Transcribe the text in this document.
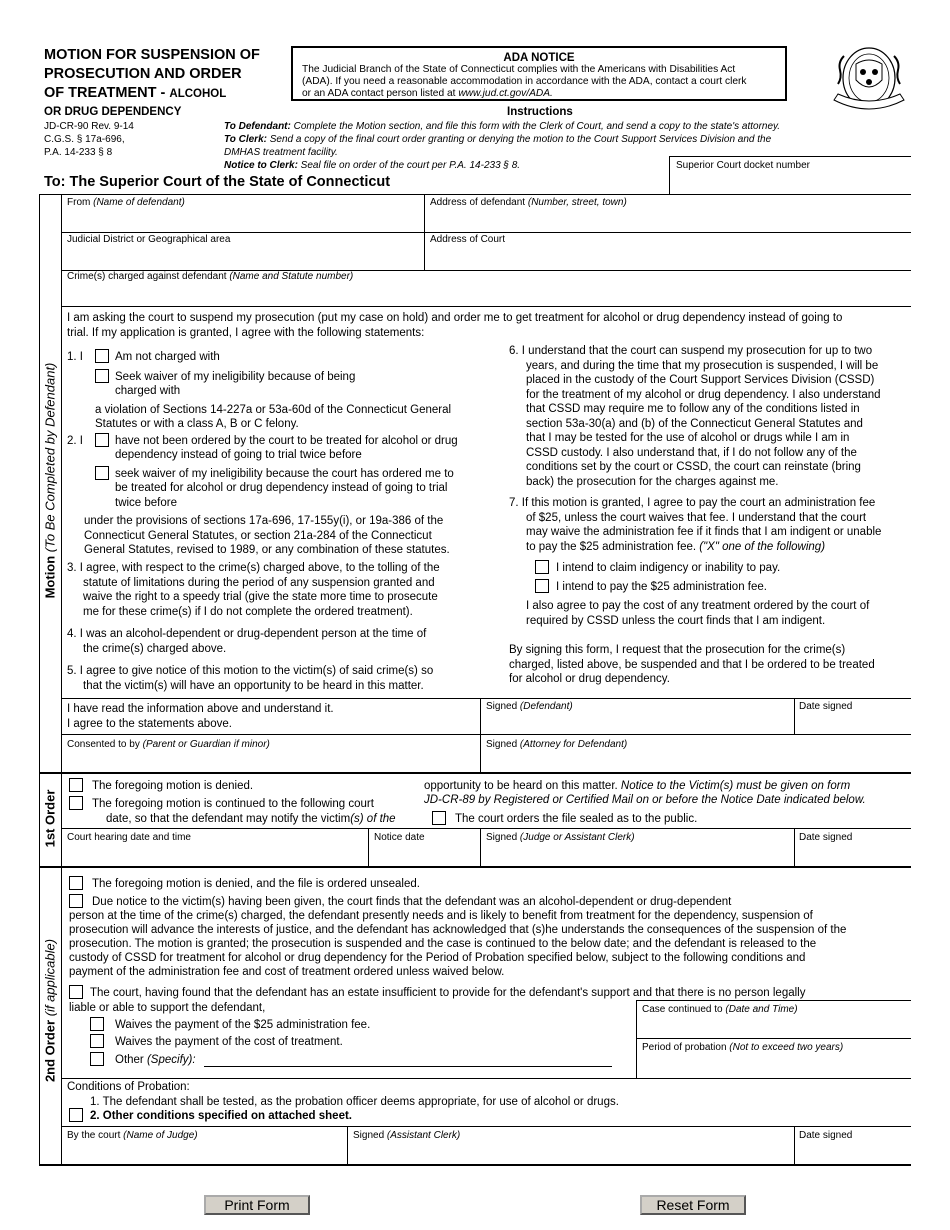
MOTION FOR SUSPENSION OF
PROSECUTION AND ORDER
OF TREATMENT - ALCOHOL
OR DRUG DEPENDENCY
JD-CR-90 Rev. 9-14
C.G.S. § 17a-696,
P.A. 14-233 § 8
ADA NOTICE
The Judicial Branch of the State of Connecticut complies with the Americans with Disabilities Act
(ADA). If you need a reasonable accommodation in accordance with the ADA, contact a court clerk
or an ADA contact person listed at www.jud.ct.gov/ADA.
Instructions
To Defendant: Complete the Motion section, and file this form with the Clerk of Court, and send a copy to the state's attorney.
To Clerk: Send a copy of the final court order granting or denying the motion to the Court Support Services Division and the
DMHAS treatment facility.
Notice to Clerk: Seal file on order of the court per P.A. 14-233 § 8.	Superior Court docket number
To: The Superior Court of the State of Connecticut
From (Name of defendant)	Address of defendant (Number, street, town)
Judicial District or Geographical area	Address of Court
Crime(s) charged against defendant (Name and Statute number)
Motion (To Be Completed by Defendant)
I am asking the court to suspend my prosecution (put my case on hold) and order me to get treatment for alcohol or drug dependency instead of going to
trial. If my application is granted, I agree with the following statements:
1. I	Am not charged with
Seek waiver of my ineligibility because of being
charged with
a violation of Sections 14-227a or 53a-60d of the Connecticut General
Statutes or with a class A, B or C felony.
2. I	have not been ordered by the court to be treated for alcohol or drug
dependency instead of going to trial twice before
seek waiver of my ineligibility because the court has ordered me to
be treated for alcohol or drug dependency instead of going to trial
twice before
under the provisions of sections 17a-696, 17-155y(i), or 19a-386 of the
Connecticut General Statutes, or section 21a-284 of the Connecticut
General Statutes, revised to 1989, or any combination of these statutes.
3. I agree, with respect to the crime(s) charged above, to the tolling of the
statute of limitations during the period of any suspension granted and
waive the right to a speedy trial (give the state more time to prosecute
me for these crime(s) if I do not complete the ordered treatment).
4. I was an alcohol-dependent or drug-dependent person at the time of
the crime(s) charged above.
5. I agree to give notice of this motion to the victim(s) of said crime(s) so
that the victim(s) will have an opportunity to be heard in this matter.
6. I understand that the court can suspend my prosecution for up to two
years, and during the time that my prosecution is suspended, I will be
placed in the custody of the Court Support Services Division (CSSD)
for the treatment of my alcohol or drug dependency. I also understand
that CSSD may require me to follow any of the conditions listed in
section 53a-30(a) and (b) of the Connecticut General Statutes and
that I may be tested for the use of alcohol or drugs while I am in
CSSD custody. I also understand that, if I do not follow any of the
conditions set by the court or CSSD, the court can reinstate (bring
back) the prosecution for the charges against me.
7. If this motion is granted, I agree to pay the court an administration fee
of $25, unless the court waives that fee. I understand that the court
may waive the administration fee if it finds that I am indigent or unable
to pay the $25 administration fee. ("X" one of the following)
I intend to claim indigency or inability to pay.
I intend to pay the $25 administration fee.
I also agree to pay the cost of any treatment ordered by the court of
required by CSSD unless the court finds that I am indigent.
By signing this form, I request that the prosecution for the crime(s)
charged, listed above, be suspended and that I be ordered to be treated
for alcohol or drug dependency.
I have read the information above and understand it.
I agree to the statements above.
Signed (Defendant)	Date signed
Consented to by (Parent or Guardian if minor)	Signed (Attorney for Defendant)
1st Order
The foregoing motion is denied.
The foregoing motion is continued to the following court
date, so that the defendant may notify the victim(s) of the
opportunity to be heard on this matter. Notice to the Victim(s) must be given on form
JD-CR-89 by Registered or Certified Mail on or before the Notice Date indicated below.
The court orders the file sealed as to the public.
Court hearing date and time	Notice date	Signed (Judge or Assistant Clerk)	Date signed
2nd Order (if applicable)
The foregoing motion is denied, and the file is ordered unsealed.
Due notice to the victim(s) having been given, the court finds that the defendant was an alcohol-dependent or drug-dependent
person at the time of the crime(s) charged, the defendant presently needs and is likely to benefit from treatment for the dependency, suspension of
prosecution will advance the interests of justice, and the defendant has acknowledged that (s)he understands the consequences of the suspension of the
prosecution. The motion is granted; the prosecution is suspended and the case is continued to the below date; and the defendant is released to the
custody of CSSD for treatment for alcohol or drug dependency for the Period of Probation specified below, subject to the following conditions and
payment of the administration fee and cost of treatment ordered unless waived below.
The court, having found that the defendant has an estate insufficient to provide for the defendant's support and that there is no person legally
liable or able to support the defendant,
Waives the payment of the $25 administration fee.
Waives the payment of the cost of treatment.
Other (Specify):
Case continued to (Date and Time)
Period of probation (Not to exceed two years)
Conditions of Probation:
1. The defendant shall be tested, as the probation officer deems appropriate, for use of alcohol or drugs.
2. Other conditions specified on attached sheet.
By the court (Name of Judge)	Signed (Assistant Clerk)	Date signed
Print Form	Reset Form
